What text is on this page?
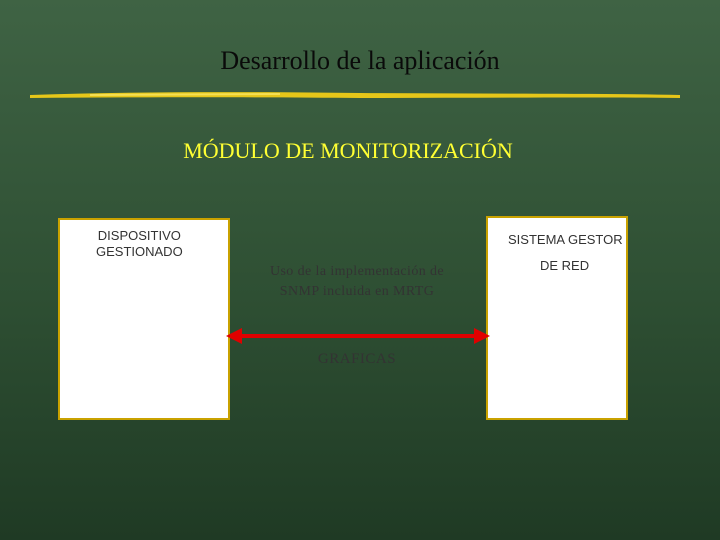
Desarrollo de la aplicación
MÓDULO DE MONITORIZACIÓN
DISPOSITIVO
GESTIONADO
SISTEMA GESTOR
DE RED
Uso de la implementación de
SNMP incluida en MRTG
GRAFICAS
